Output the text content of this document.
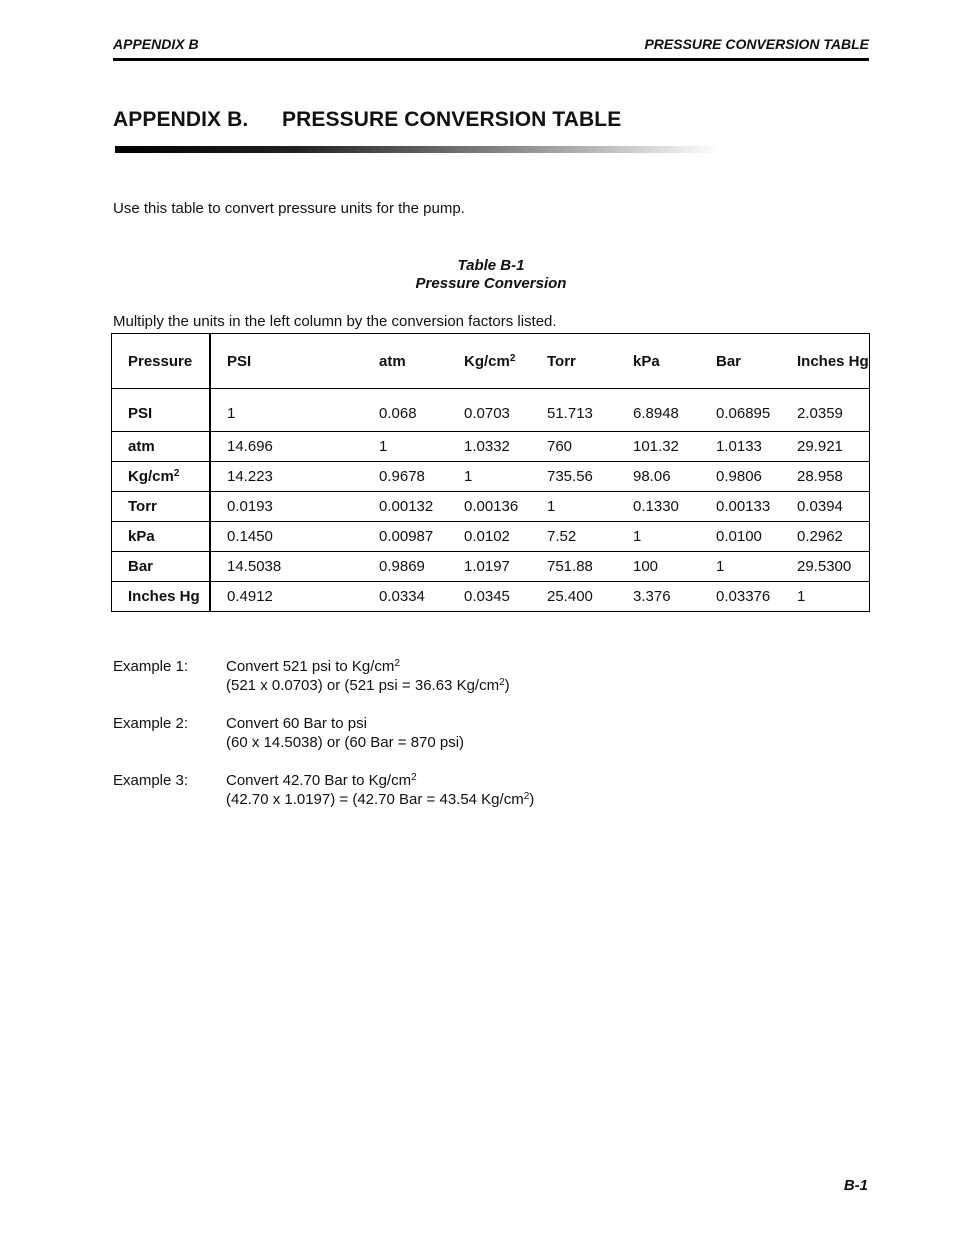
APPENDIX B	PRESSURE CONVERSION TABLE
APPENDIX B.	PRESSURE CONVERSION TABLE
Use this table to convert pressure units for the pump.
Table B-1
Pressure Conversion
Multiply the units in the left column by the conversion factors listed.
Pressure	PSI	atm	$Kg/cm^2$	Torr	kPa	Bar	Inches Hg
PSI	1	0.068	0.0703	51.713	6.8948	0.06895	2.0359
atm	14.696	1	1.0332	760	101.32	1.0133	29.921
$Kg/cm^2$	14.223	0.9678	1	735.56	98.06	0.9806	28.958
Torr	0.0193	0.00132	0.00136	1	0.1330	0.00133	0.0394
kPa	0.1450	0.00987	0.0102	7.52	1	0.0100	0.2962
Bar	14.5038	0.9869	1.0197	751.88	100	1	29.5300
Inches Hg	0.4912	0.0334	0.0345	25.400	3.376	0.03376	1
Example 1:	Convert 521 psi to $Kg/cm^2$
(521 x 0.0703) or (521 psi = 36.63 $Kg/cm^2$)
Example 2:	Convert 60 Bar to psi
(60 x 14.5038) or (60 Bar = 870 psi)
Example 3:	Convert 42.70 Bar to $Kg/cm^2$
(42.70 x 1.0197) = (42.70 Bar = 43.54 $Kg/cm^2$)
B-1
